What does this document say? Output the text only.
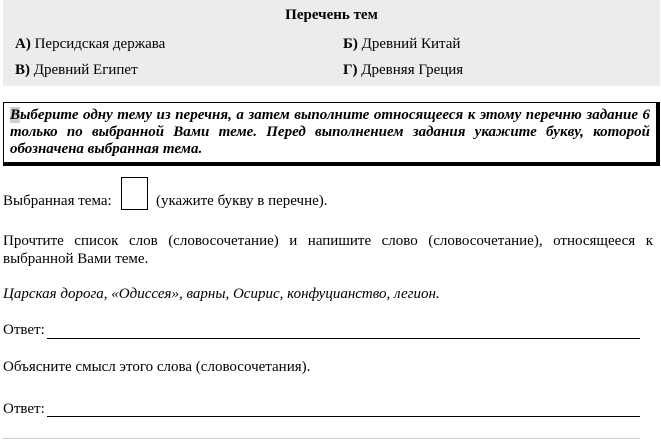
Перечень тем
А) Персидская держава	Б) Древний Китай
В) Древний Египет	Г) Древняя Греция
Выберите одну тему из перечня, а затем выполните относящееся к этому перечню задание 6 только по выбранной Вами теме. Перед выполнением задания укажите букву, которой обозначена выбранная тема.
Выбранная тема:	(укажите букву в перечне).
Прочтите список слов (словосочетание) и напишите слово (словосочетание), относящееся к выбранной Вами теме.
Царская дорога, «Одиссея», варны, Осирис, конфуцианство, легион.
Ответ:
Объясните смысл этого слова (словосочетания).
Ответ:
